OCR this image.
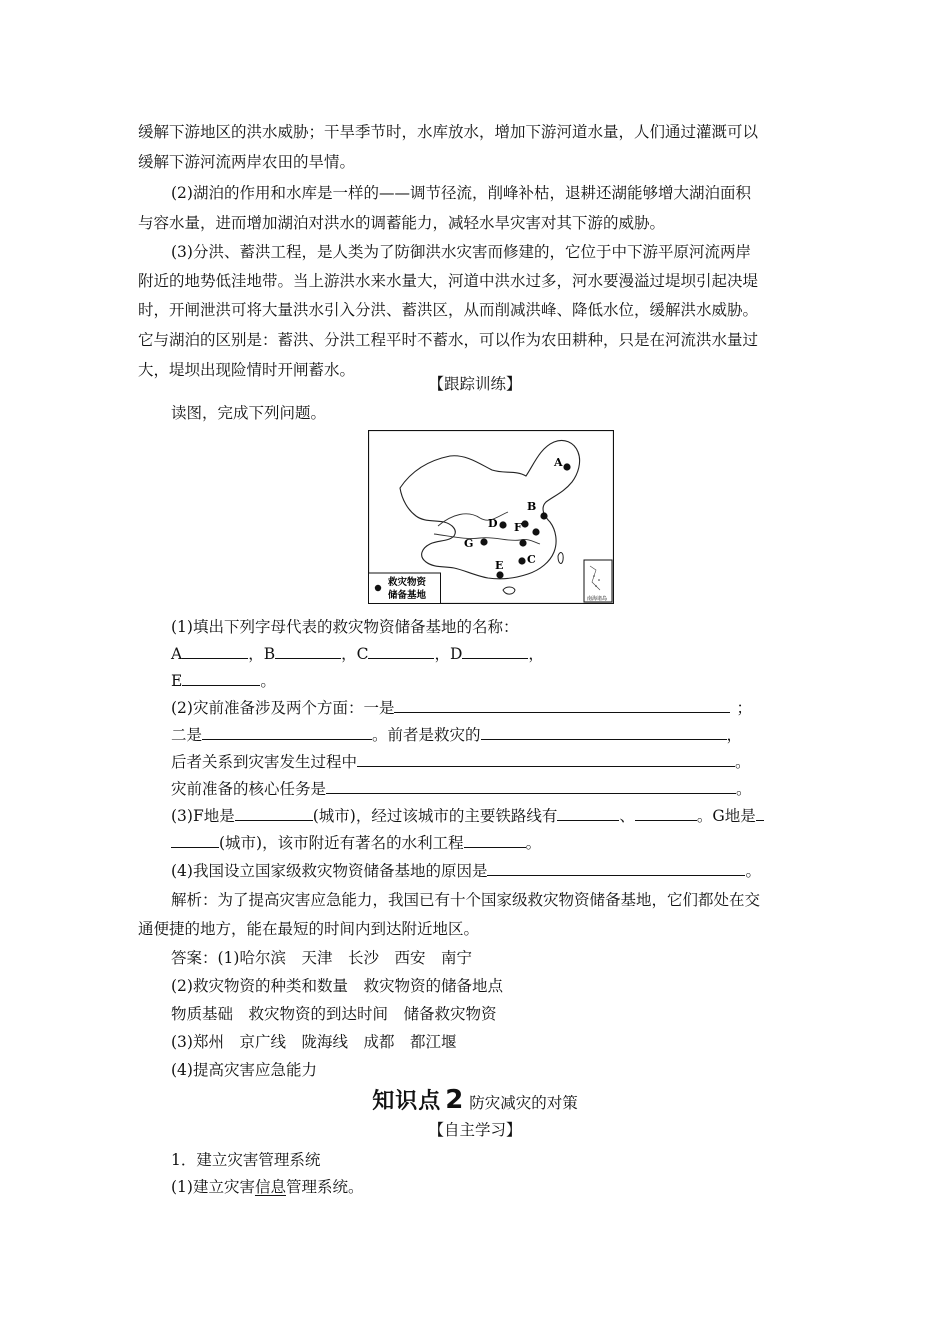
缓解下游地区的洪水威胁；干旱季节时，水库放水，增加下游河道水量，人们通过灌溉可以
缓解下游河流两岸农田的旱情。
(2)湖泊的作用和水库是一样的——调节径流，削峰补枯，退耕还湖能够增大湖泊面积
与容水量，进而增加湖泊对洪水的调蓄能力，减轻水旱灾害对其下游的威胁。
(3)分洪、蓄洪工程，是人类为了防御洪水灾害而修建的，它位于中下游平原河流两岸
附近的地势低洼地带。当上游洪水来水量大，河道中洪水过多，河水要漫溢过堤坝引起决堤
时，开闸泄洪可将大量洪水引入分洪、蓄洪区，从而削减洪峰、降低水位，缓解洪水威胁。
它与湖泊的区别是：蓄洪、分洪工程平时不蓄水，可以作为农田耕种，只是在河流洪水量过
大，堤坝出现险情时开闸蓄水。
【跟踪训练】
读图，完成下列问题。
A
B
C
D
E
F
G
救灾物资
储备基地	南海诸岛
(1)填出下列字母代表的救灾物资储备基地的名称：
A	，B	，C	，D	，
E	。
(2)灾前准备涉及两个方面：一是	；
二是	。前者是救灾的	，
后者关系到灾害发生过程中	。
灾前准备的核心任务是	。
(3)F地是	(城市)，经过该城市的主要铁路线有	、	。G地是
(城市)，该市附近有著名的水利工程	。
(4)我国设立国家级救灾物资储备基地的原因是	。
解析：为了提高灾害应急能力，我国已有十个国家级救灾物资储备基地，它们都处在交
通便捷的地方，能在最短的时间内到达附近地区。
答案：(1)哈尔滨　天津　长沙　西安　南宁
(2)救灾物资的种类和数量　救灾物资的储备地点
物质基础　救灾物资的到达时间　储备救灾物资
(3)郑州　京广线　陇海线　成都　都江堰
(4)提高灾害应急能力
知识点 2 防灾减灾的对策
【自主学习】
1．建立灾害管理系统
(1)建立灾害信息管理系统。
